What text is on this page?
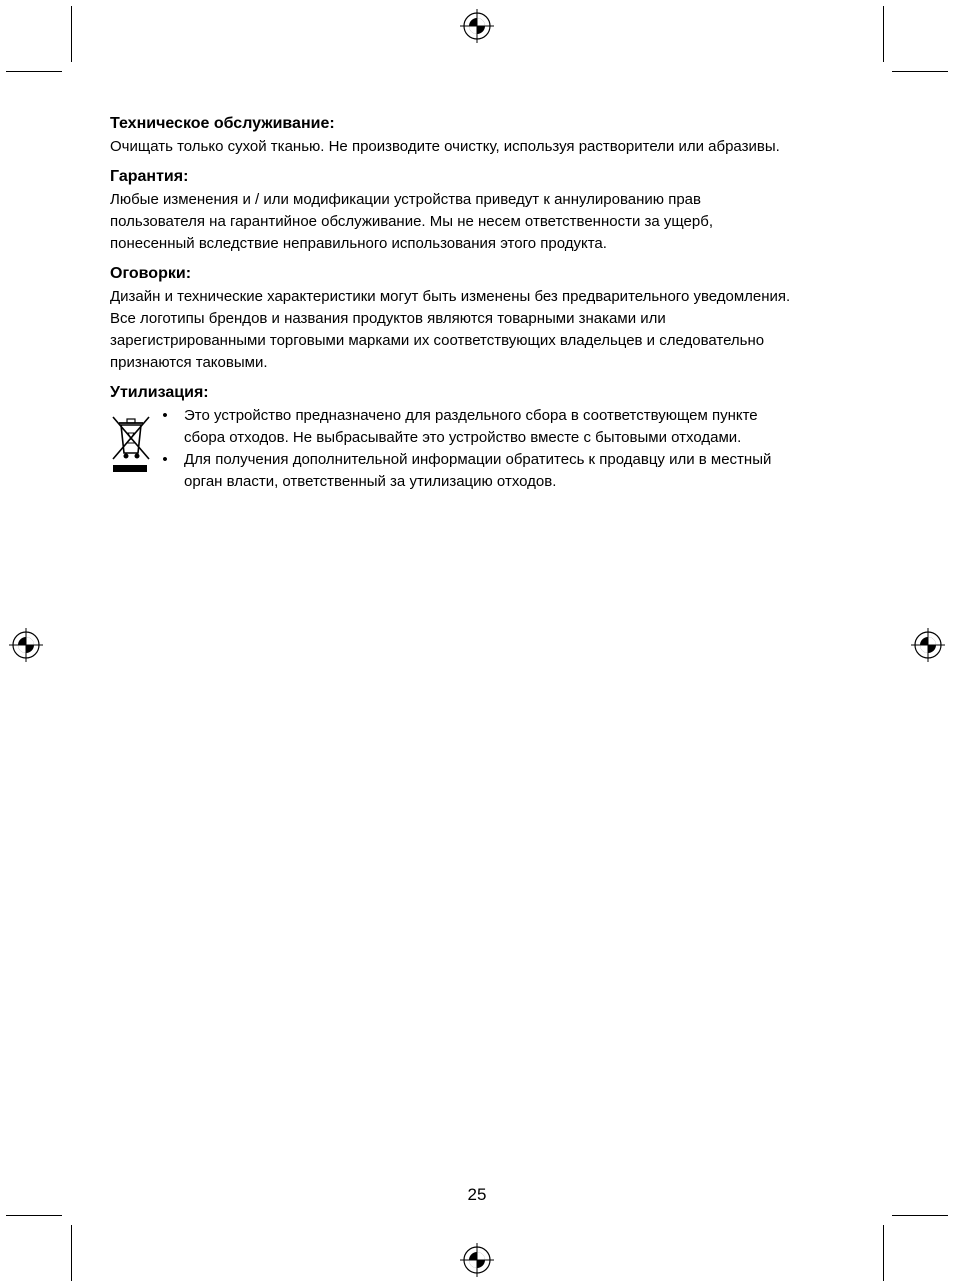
Техническое обслуживание:
Очищать только сухой тканью. Не производите очистку, используя растворители или абразивы.
Гарантия:
Любые изменения и / или модификации устройства приведут к аннулированию прав
пользователя на гарантийное обслуживание. Мы не несем ответственности за ущерб,
понесенный вследствие неправильного использования этого продукта.
Оговорки:
Дизайн и технические характеристики могут быть изменены без предварительного уведомления.
Все логотипы брендов и названия продуктов являются товарными знаками или
зарегистрированными торговыми марками их соответствующих владельцев и следовательно
признаются таковыми.
Утилизация:
• Это устройство предназначено для раздельного сбора в соответствующем пункте
сбора отходов. Не выбрасывайте это устройство вместе с бытовыми отходами.
• Для получения дополнительной информации обратитесь к продавцу или в местный
орган власти, ответственный за утилизацию отходов.
25
